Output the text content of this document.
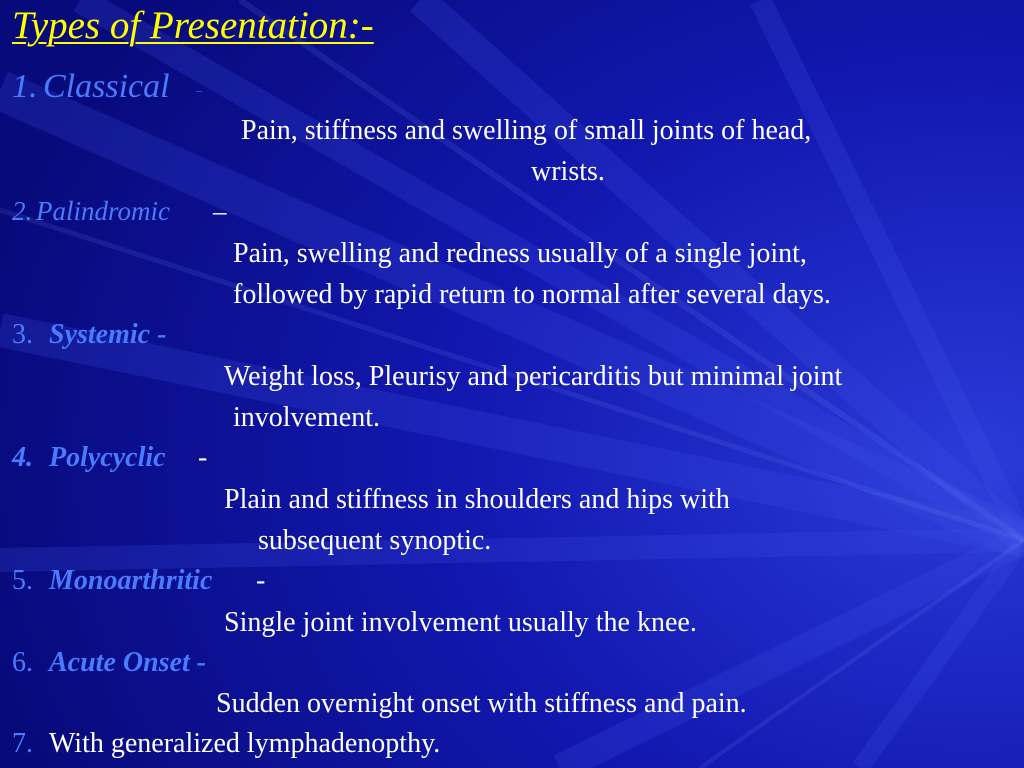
Types of Presentation:-
1. Classical –
Pain, stiffness and swelling of small joints of head,
wrists.
2. Palindromic –
Pain, swelling and redness usually of a single joint,
followed by rapid return to normal after several days.
3. Systemic -
Weight loss, Pleurisy and pericarditis but minimal joint
involvement.
4. Polycyclic -
Plain and stiffness in shoulders and hips with
subsequent synoptic.
5. Monoarthritic -
Single joint involvement usually the knee.
6. Acute Onset -
Sudden overnight onset with stiffness and pain.
7. With generalized lymphadenopthy.
